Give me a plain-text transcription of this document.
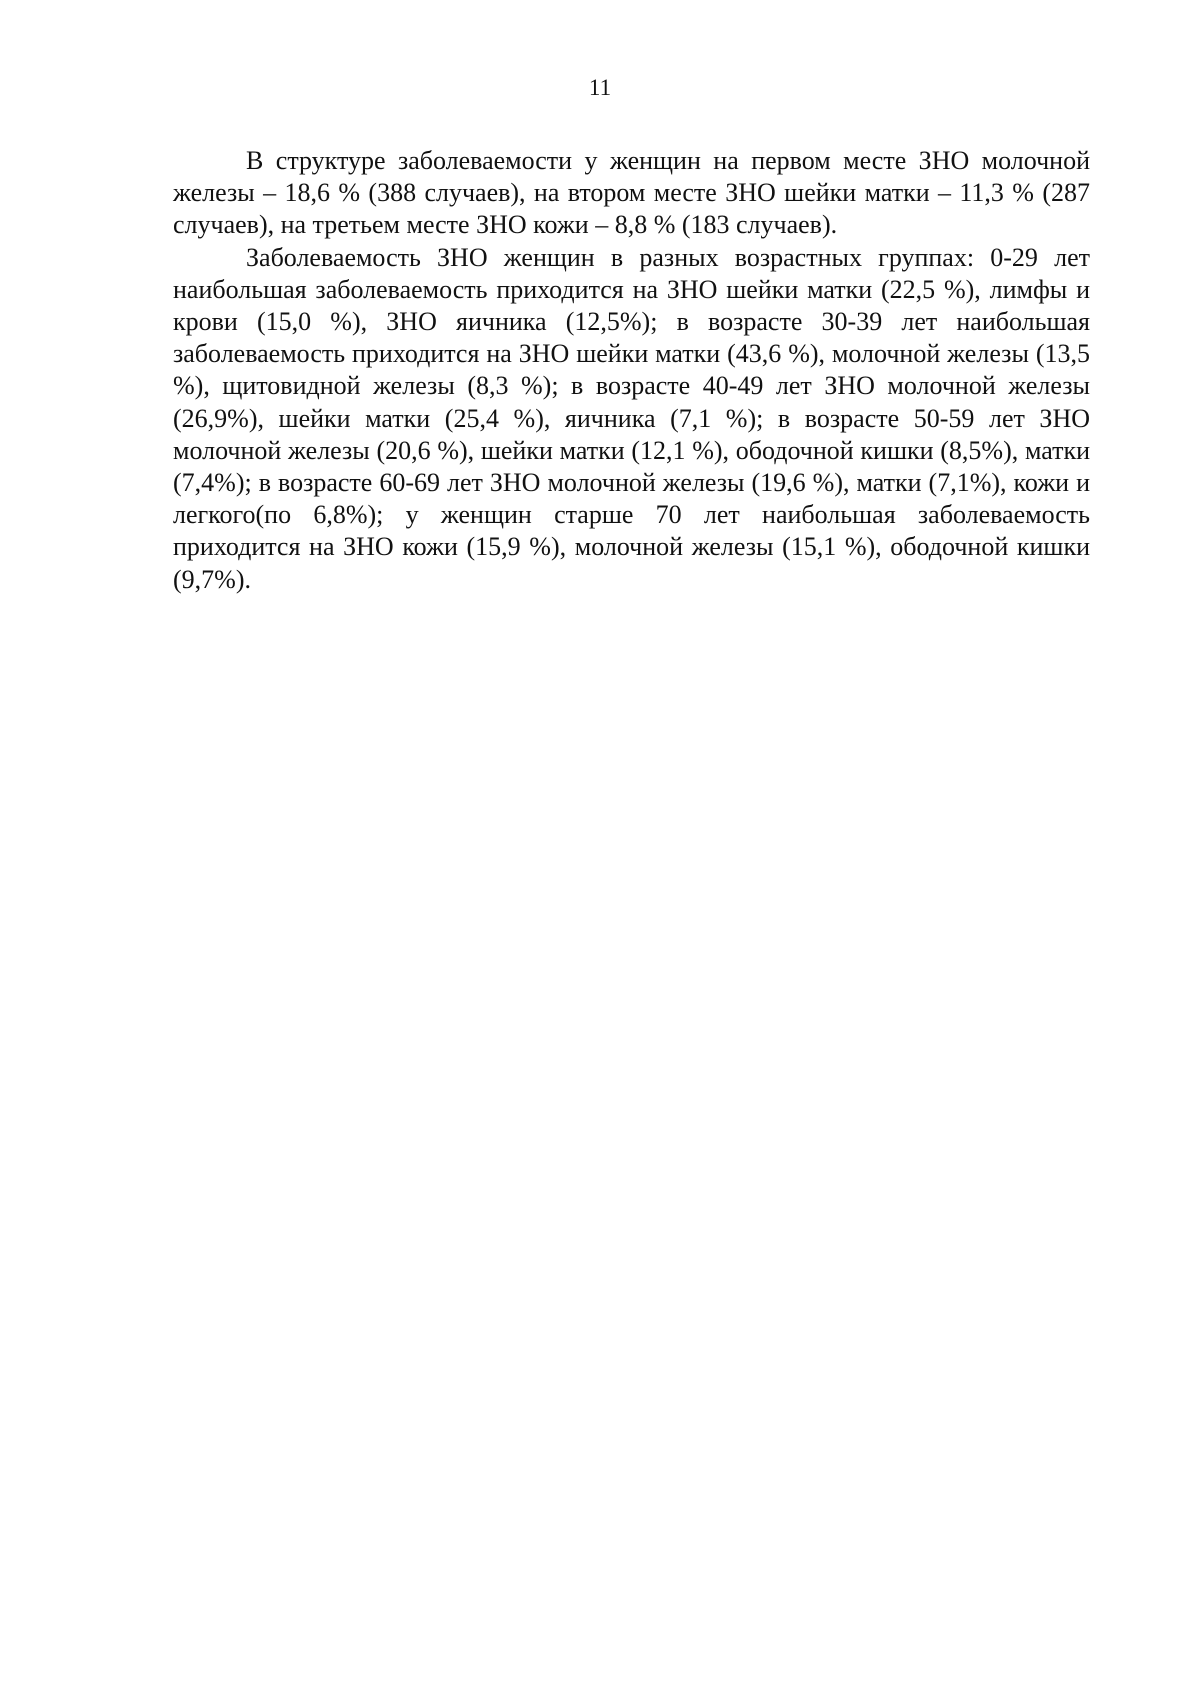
11

В структуре заболеваемости у женщин на первом месте ЗНО молочной железы – 18,6 % (388 случаев), на втором месте ЗНО шейки матки – 11,3 % (287 случаев), на третьем месте ЗНО кожи – 8,8 % (183 случаев).

Заболеваемость ЗНО женщин в разных возрастных группах: 0-29 лет наибольшая заболеваемость приходится на ЗНО шейки матки (22,5 %), лимфы и крови (15,0 %), ЗНО яичника (12,5%); в возрасте 30-39 лет наибольшая заболеваемость приходится на ЗНО шейки матки (43,6 %), молочной железы (13,5 %), щитовидной железы (8,3 %); в возрасте 40-49 лет ЗНО молочной железы (26,9%), шейки матки (25,4 %), яичника (7,1 %); в возрасте 50-59 лет ЗНО молочной железы (20,6 %), шейки матки (12,1 %), ободочной кишки (8,5%), матки (7,4%); в возрасте 60-69 лет ЗНО молочной железы (19,6 %), матки (7,1%), кожи и легкого(по 6,8%); у женщин старше 70 лет наибольшая заболеваемость приходится на ЗНО кожи (15,9 %), молочной железы (15,1 %), ободочной кишки (9,7%).
